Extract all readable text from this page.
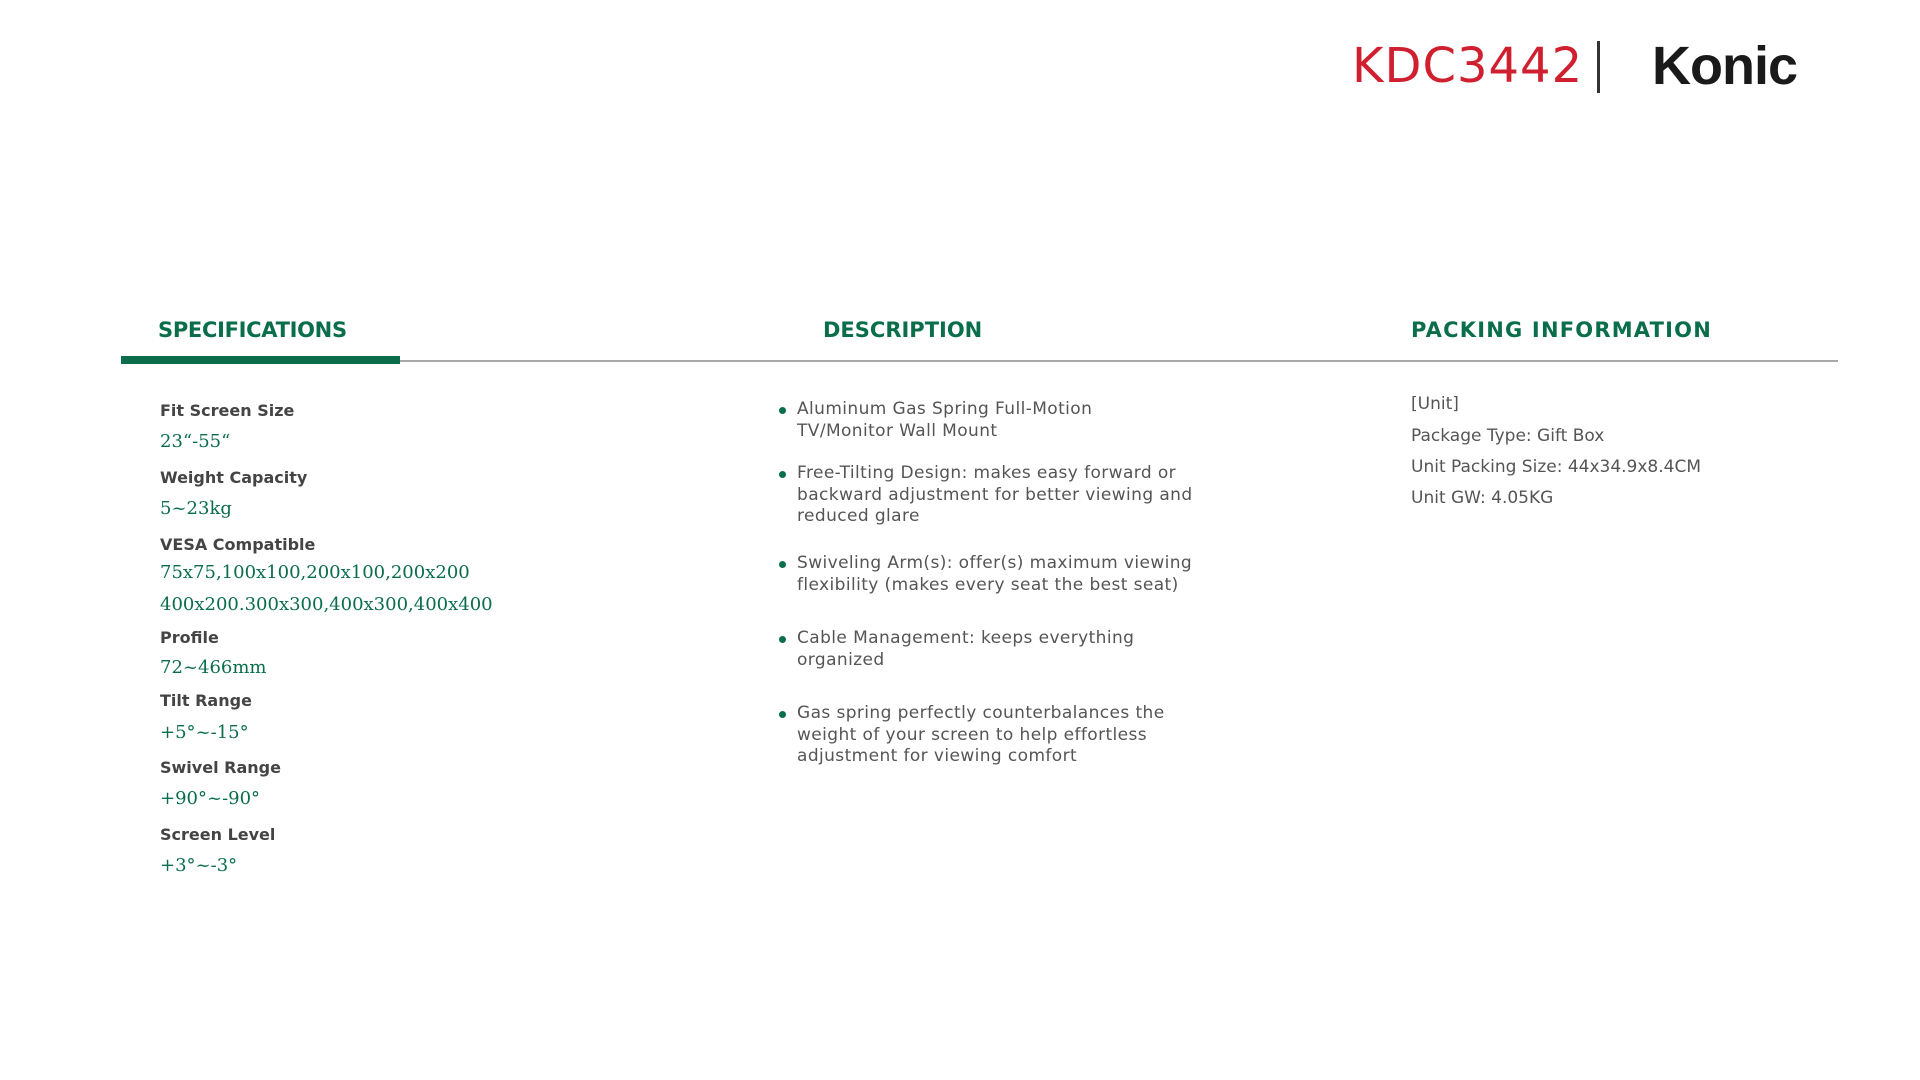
KDC3442 Konic
SPECIFICATIONS	DESCRIPTION	PACKING INFORMATION
Fit Screen Size
23“-55“
Weight Capacity
5~23kg
VESA Compatible
75x75,100x100,200x100,200x200
400x200.300x300,400x300,400x400
Profile
72~466mm
Tilt Range
+5°~-15°
Swivel Range
+90°~-90°
Screen Level
+3°~-3°
Aluminum Gas Spring Full-Motion TV/Monitor Wall Mount
Free-Tilting Design: makes easy forward or backward adjustment for better viewing and reduced glare
Swiveling Arm(s): offer(s) maximum viewing flexibility (makes every seat the best seat)
Cable Management: keeps everything organized
Gas spring perfectly counterbalances the weight of your screen to help effortless adjustment for viewing comfort
[Unit]
Package Type: Gift Box
Unit Packing Size: 44x34.9x8.4CM
Unit GW: 4.05KG
